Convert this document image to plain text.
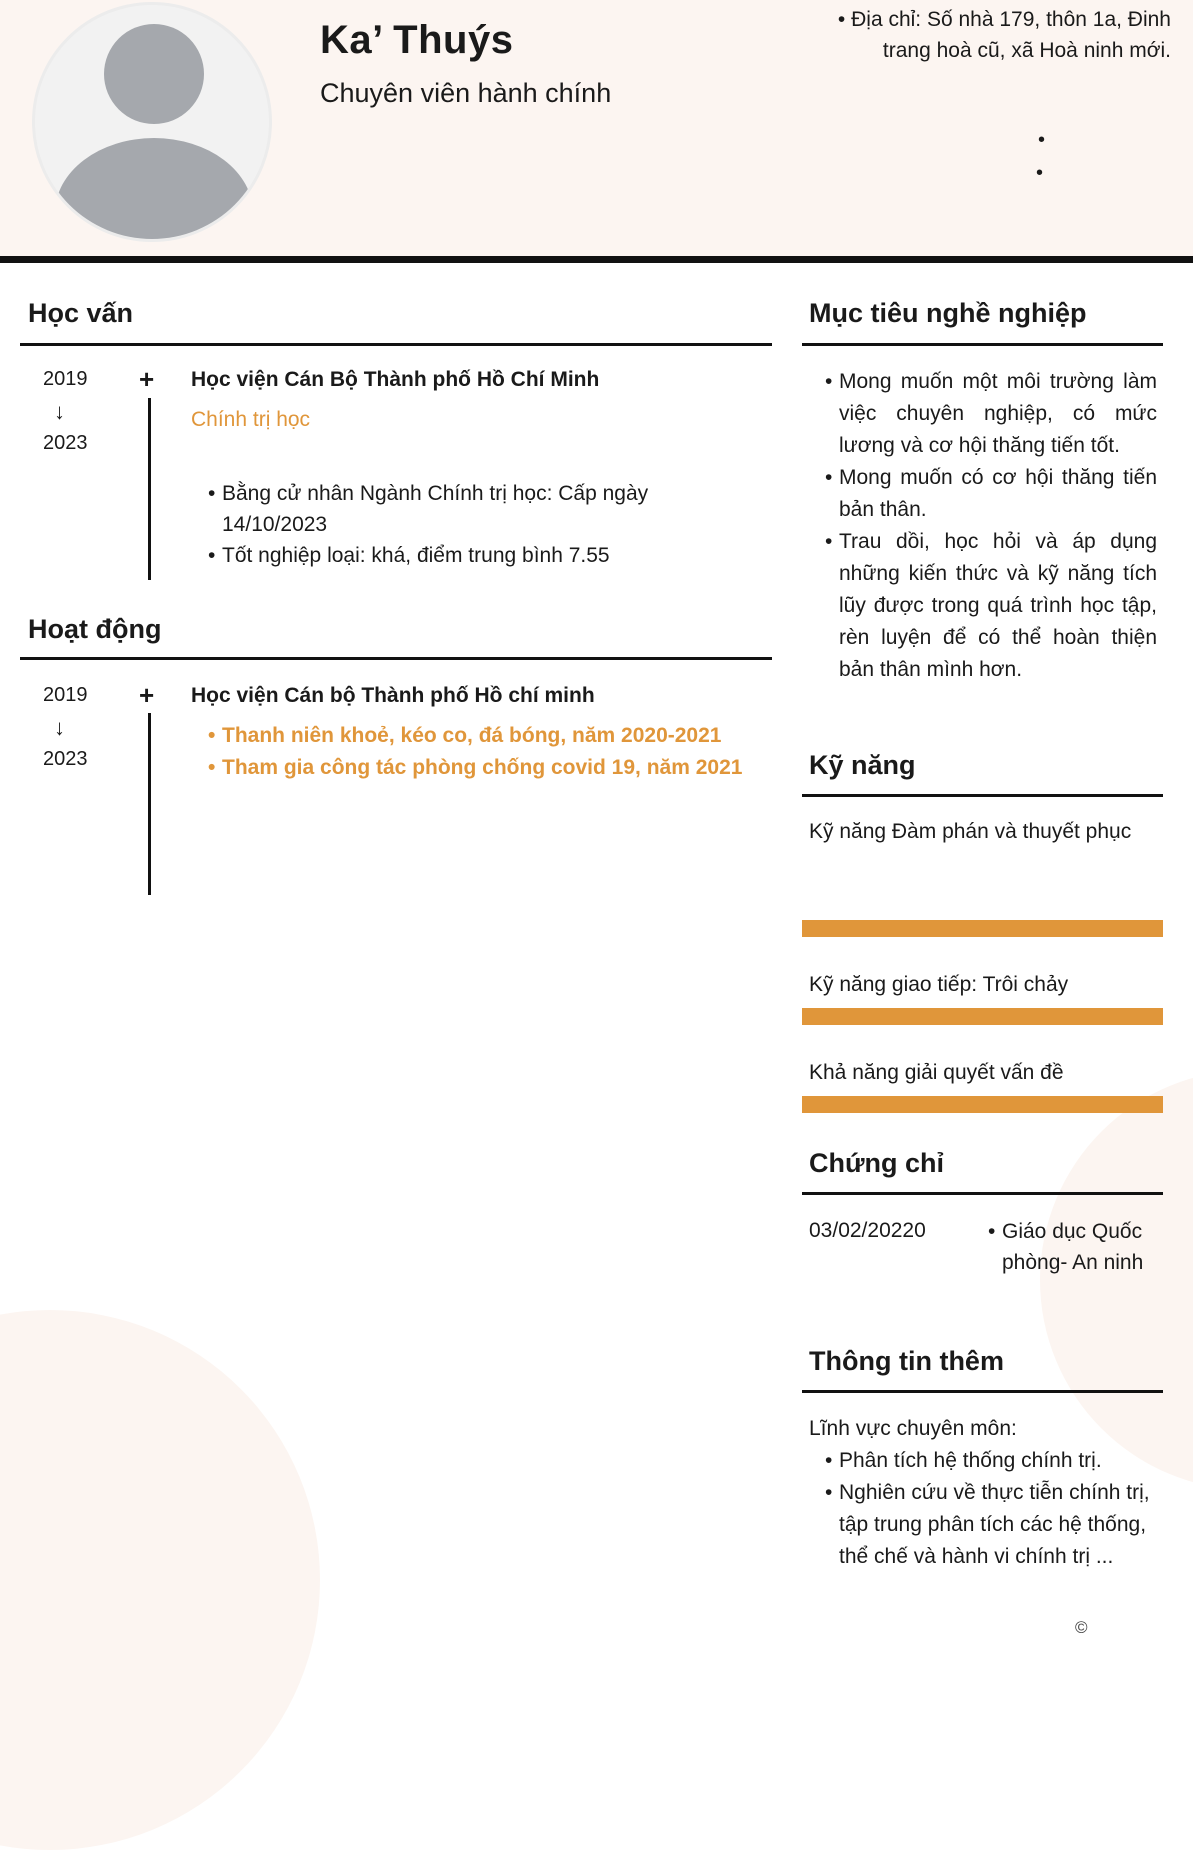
Ka’ Thuýs
Chuyên viên hành chính
• Địa chỉ: Số nhà 179, thôn 1a, Đinh trang hoà cũ, xã Hoà ninh mới.
•
•
Học vấn
2019
↓
2023
+ Học viện Cán Bộ Thành phố Hồ Chí Minh
Chính trị học
• Bằng cử nhân Ngành Chính trị học: Cấp ngày 14/10/2023
• Tốt nghiệp loại: khá, điểm trung bình 7.55
Hoạt động
2019
↓
2023
+ Học viện Cán bộ Thành phố Hồ chí minh
• Thanh niên khoẻ, kéo co, đá bóng, năm 2020-2021
• Tham gia công tác phòng chống covid 19, năm 2021
Mục tiêu nghề nghiệp
• Mong muốn một môi trường làm việc chuyên nghiệp, có mức lương và cơ hội thăng tiến tốt.
• Mong muốn có cơ hội thăng tiến bản thân.
• Trau dồi, học hỏi và áp dụng những kiến thức và kỹ năng tích lũy được trong quá trình học tập, rèn luyện để có thể hoàn thiện bản thân mình hơn.
Kỹ năng
Kỹ năng Đàm phán và thuyết phục
Kỹ năng giao tiếp: Trôi chảy
Khả năng giải quyết vấn đề
Chứng chỉ
03/02/20220
•	Giáo dục Quốc phòng- An ninh
Thông tin thêm
Lĩnh vực chuyên môn:
• Phân tích hệ thống chính trị.
• Nghiên cứu về thực tiễn chính trị, tập trung phân tích các hệ thống, thể chế và hành vi chính trị ...
©
